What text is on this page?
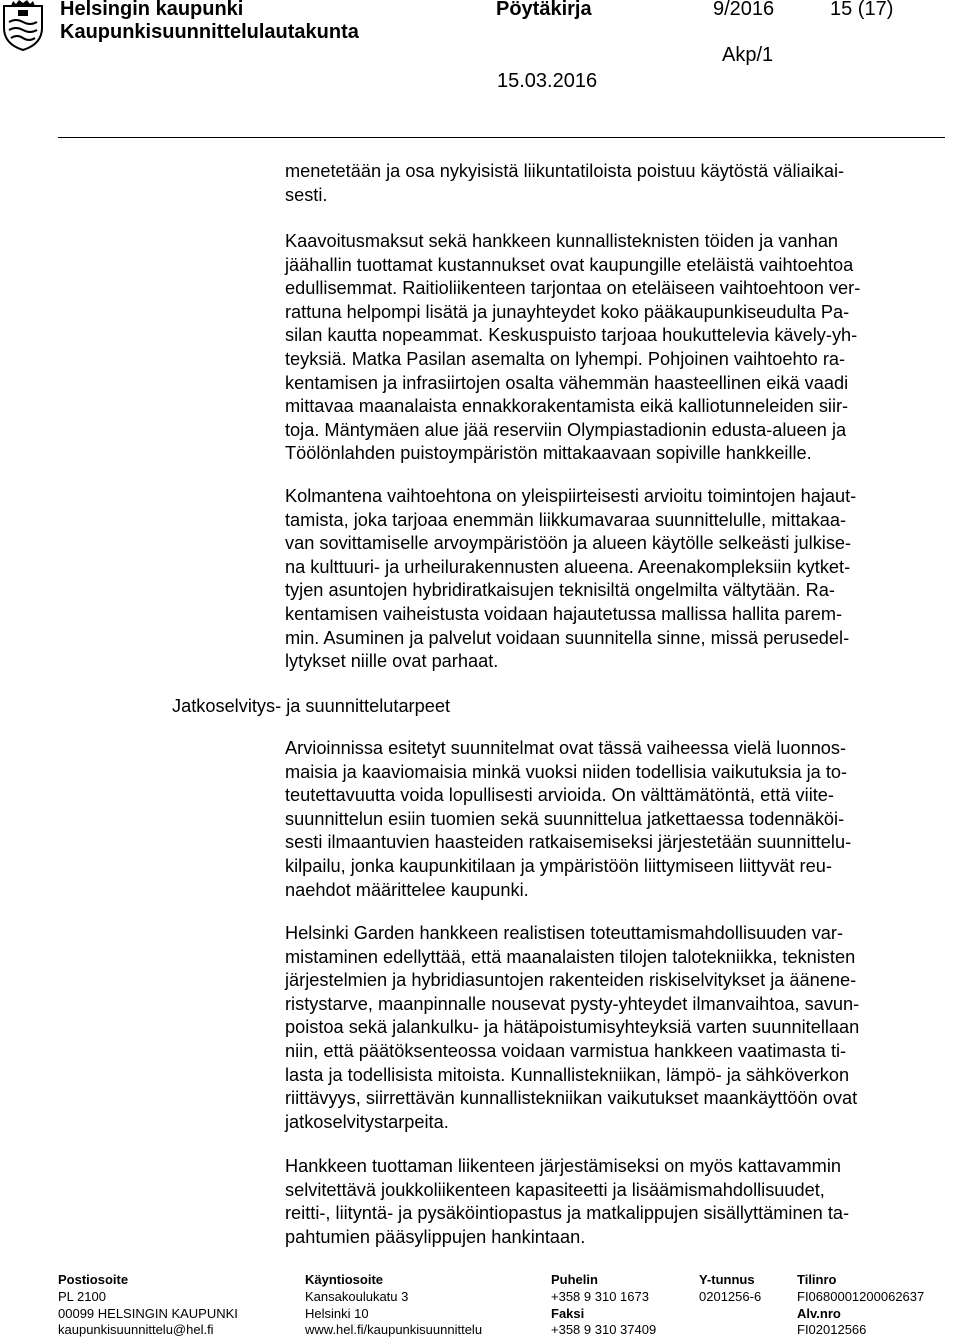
Helsingin kaupunki
Kaupunkisuunnittelulautakunta
Pöytäkirja	9/2016	15 (17)
Akp/1
15.03.2016
menetetään ja osa nykyisistä liikuntatiloista poistuu käytöstä väliaikai-
sesti.
Kaavoitusmaksut sekä hankkeen kunnallisteknisten töiden ja vanhan
jäähallin tuottamat kustannukset ovat kaupungille eteläistä vaihtoehtoa
edullisemmat. Raitioliikenteen tarjontaa on eteläiseen vaihtoehtoon ver-
rattuna helpompi lisätä ja junayhteydet koko pääkaupunkiseudulta Pa-
silan kautta nopeammat. Keskuspuisto tarjoaa houkuttelevia kävely-yh-
teyksiä. Matka Pasilan asemalta on lyhempi. Pohjoinen vaihtoehto ra-
kentamisen ja infrasiirtojen osalta vähemmän haasteellinen eikä vaadi
mittavaa maanalaista ennakkorakentamista eikä kalliotunneleiden siir-
toja. Mäntymäen alue jää reserviin Olympiastadionin edusta-alueen ja
Töölönlahden puistoympäristön mittakaavaan sopiville hankkeille.
Kolmantena vaihtoehtona on yleispiirteisesti arvioitu toimintojen hajaut-
tamista, joka tarjoaa enemmän liikkumavaraa suunnittelulle, mittakaa-
van sovittamiselle arvoympäristöön ja alueen käytölle selkeästi julkise-
na kulttuuri- ja urheilurakennusten alueena. Areenakompleksiin kytket-
tyjen asuntojen hybridiratkaisujen teknisiltä ongelmilta vältytään. Ra-
kentamisen vaiheistusta voidaan hajautetussa mallissa hallita parem-
min. Asuminen ja palvelut voidaan suunnitella sinne, missä perusedel-
lytykset niille ovat parhaat.
Jatkoselvitys- ja suunnittelutarpeet
Arvioinnissa esitetyt suunnitelmat ovat tässä vaiheessa vielä luonnos-
maisia ja kaaviomaisia minkä vuoksi niiden todellisia vaikutuksia ja to-
teutettavuutta voida lopullisesti arvioida. On välttämätöntä, että viite-
suunnittelun esiin tuomien sekä suunnittelua jatkettaessa todennäköi-
sesti ilmaantuvien haasteiden ratkaisemiseksi järjestetään suunnittelu-
kilpailu, jonka kaupunkitilaan ja ympäristöön liittymiseen liittyvät reu-
naehdot määrittelee kaupunki.
Helsinki Garden hankkeen realistisen toteuttamismahdollisuuden var-
mistaminen edellyttää, että maanalaisten tilojen talotekniikka, teknisten
järjestelmien ja hybridiasuntojen rakenteiden riskiselvitykset ja äänene-
ristystarve, maanpinnalle nousevat pysty-yhteydet ilmanvaihtoa, savun-
poistoa sekä jalankulku- ja hätäpoistumisyhteyksiä varten suunnitellaan
niin, että päätöksenteossa voidaan varmistua hankkeen vaatimasta ti-
lasta ja todellisista mitoista. Kunnallistekniikan, lämpö- ja sähköverkon
riittävyys, siirrettävän kunnallistekniikan vaikutukset maankäyttöön ovat
jatkoselvitystarpeita.
Hankkeen tuottaman liikenteen järjestämiseksi on myös kattavammin
selvitettävä joukkoliikenteen kapasiteetti ja lisäämismahdollisuudet,
reitti-, liityntä- ja pysäköintiopastus ja matkalippujen sisällyttäminen ta-
pahtumien pääsylippujen hankintaan.
Postiosoite
PL 2100
00099 HELSINGIN KAUPUNKI
kaupunkisuunnittelu@hel.fi
Käyntiosoite
Kansakoulukatu 3
Helsinki 10
www.hel.fi/kaupunkisuunnittelu
Puhelin
+358 9 310 1673
Faksi
+358 9 310 37409
Y-tunnus
0201256-6
Tilinro
FI0680001200062637
Alv.nro
FI02012566
